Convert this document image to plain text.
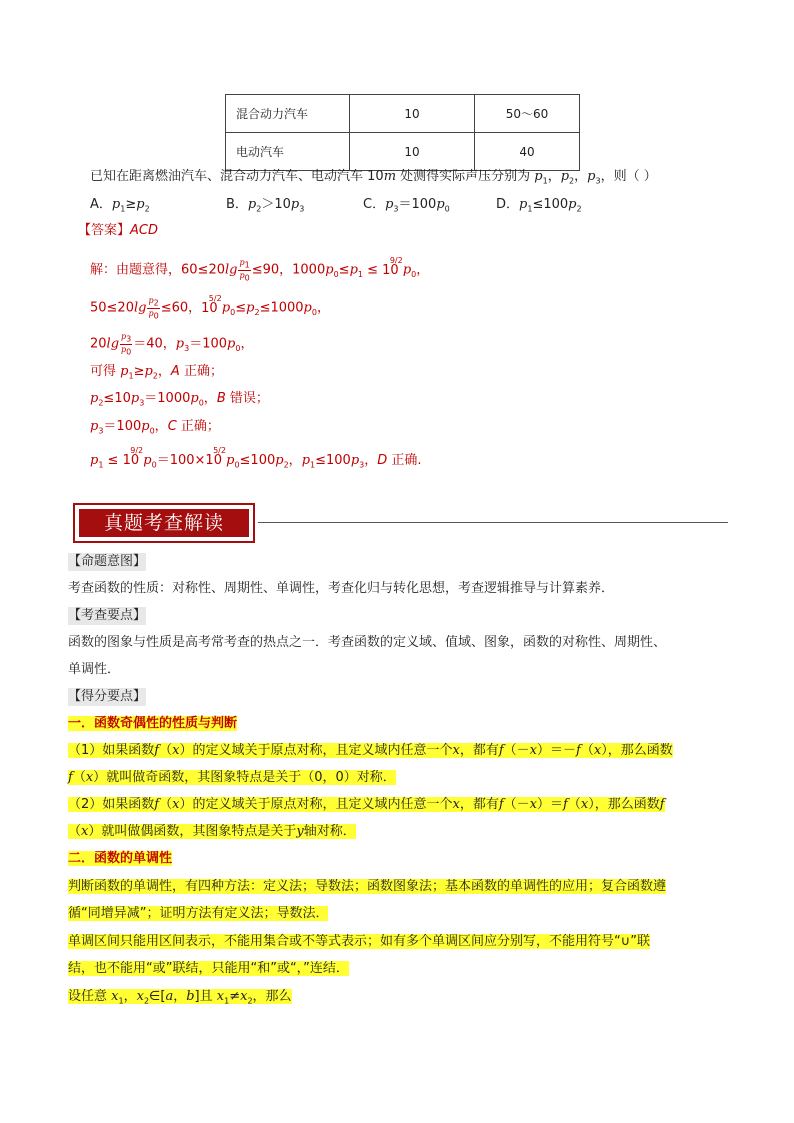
混合动力汽车	10	50～60
电动汽车	10	40
已知在距离燃油汽车、混合动力汽车、电动汽车 10m 处测得实际声压分别为 $p_1$，$p_2$，$p_3$，则（ ）
A．$p_1\ge p_2$	B．$p_2>10p_3$	C．$p_3=100p_0$	D．$p_1\le 100p_2$
【答案】ACD
解：由题意得，$60\le 20\lg \frac{p_1}{p_0} \le 90$，$1000p_0\le p_1 \le 10$
9/2
$p_0$，
$50\le 20\lg \frac{p_2}{p_0} \le 60$，10
5/2
$p_0\le p_2\le 1000p_0$，
$20\lg \frac{p_3}{p_0} =40$，$p_3=100p_0$，
可得 $p_1\ge p_2$，A 正确；
$p_2\le 10p_3=1000p_0$，B 错误；
$p_3=100p_0$，C 正确；
$p_1 \le 10$
9/2
$p_0=100\times 10$
5/2
$p_0\le 100p_2$，$p_1\le 100p_3$，D 正确.
真题考查解读
【命题意图】
考查函数的性质：对称性、周期性、单调性，考查化归与转化思想，考查逻辑推导与计算素养．
【考查要点】
函数的图象与性质是高考常考查的热点之一．考查函数的定义域、值域、图象，函数的对称性、周期性、
单调性．
【得分要点】
一．函数奇偶性的性质与判断
（1）如果函数f（x）的定义域关于原点对称，且定义域内任意一个x，都有f（－x）＝－f（x），那么函数
f（x）就叫做奇函数，其图象特点是关于（0，0）对称．
（2）如果函数f（x）的定义域关于原点对称，且定义域内任意一个x，都有f（－x）＝f（x），那么函数f
（x）就叫做偶函数，其图象特点是关于y轴对称．
二．函数的单调性
判断函数的单调性，有四种方法：定义法；导数法；函数图象法；基本函数的单调性的应用；复合函数遵
循“同增异减”；证明方法有定义法；导数法．
单调区间只能用区间表示，不能用集合或不等式表示；如有多个单调区间应分别写，不能用符号“∪”联
结，也不能用“或”联结，只能用“和”或“，”连结．
设任意 $x_1$，$x_2\in[a$，b]且 $x_1\ne x_2$，那么
